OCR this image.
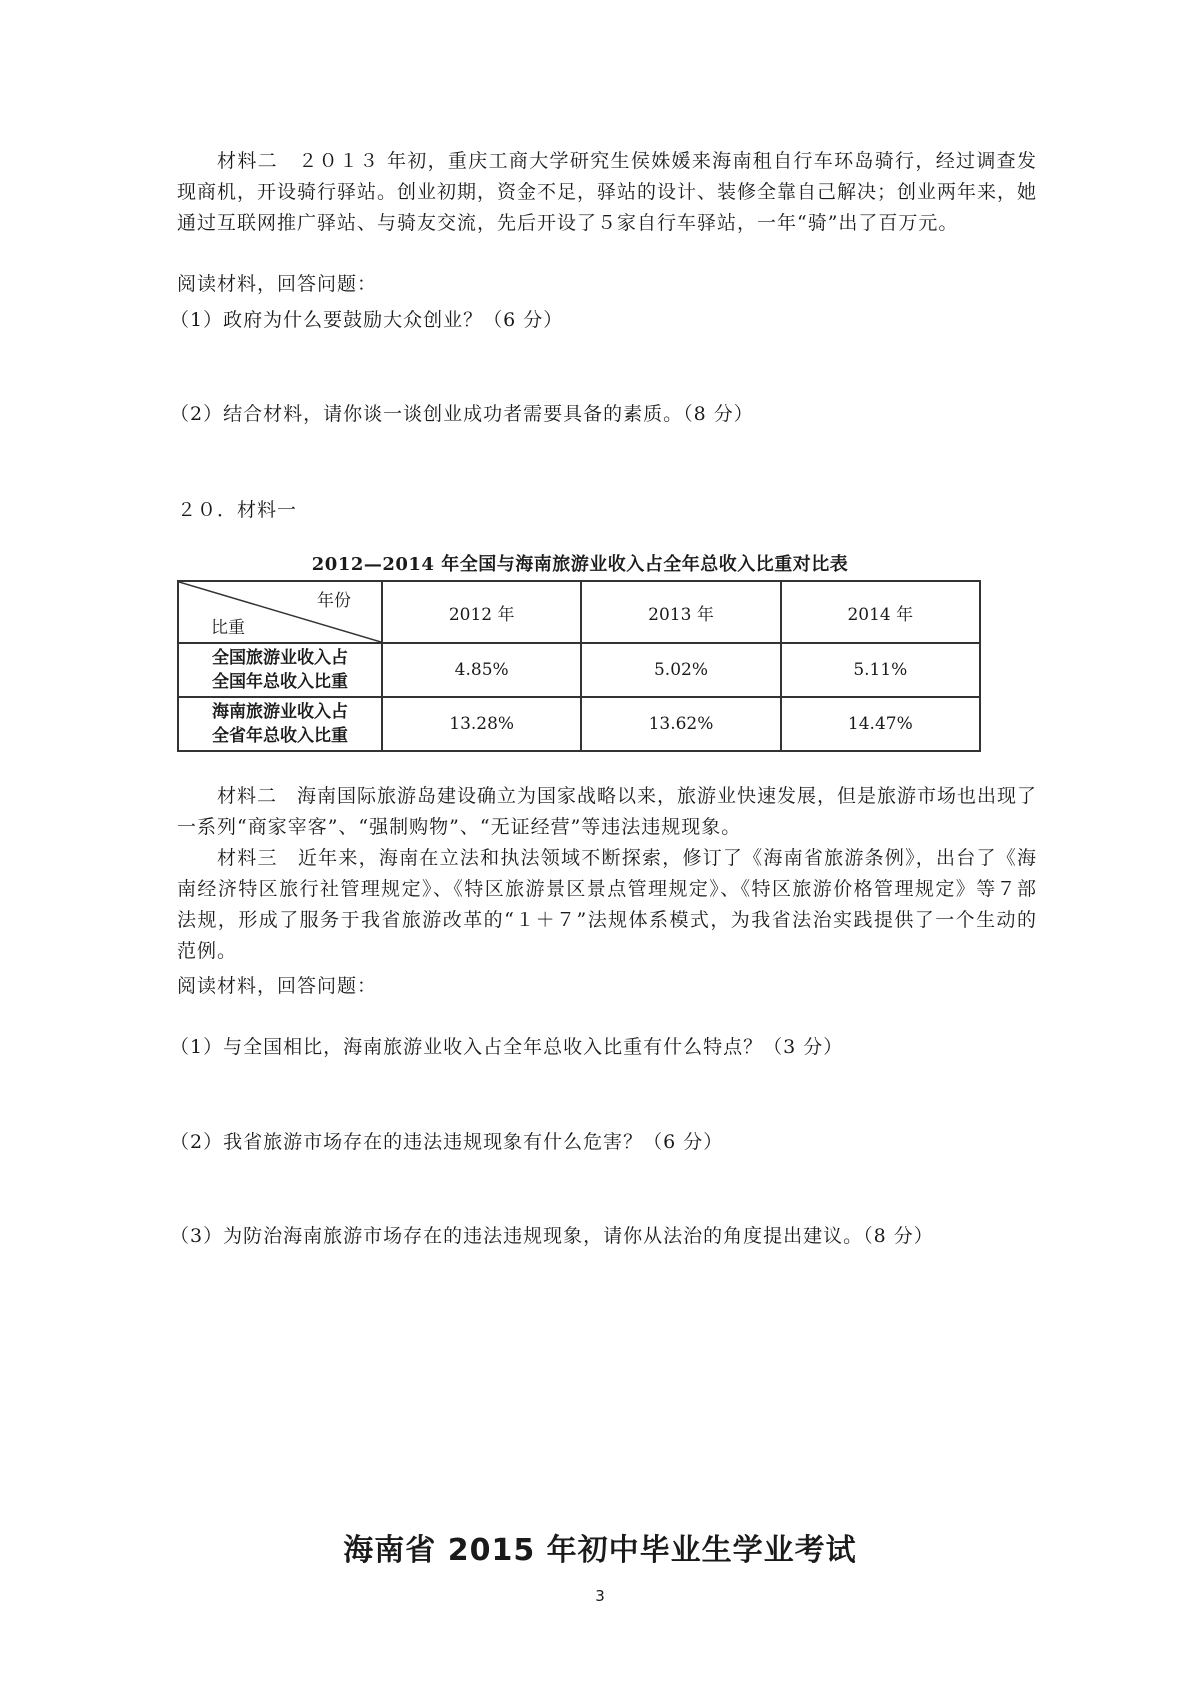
材料二　２０１３ 年初，重庆工商大学研究生侯姝媛来海南租自行车环岛骑行，经过调查发现商机，开设骑行驿站。创业初期，资金不足，驿站的设计、装修全靠自己解决；创业两年来，她通过互联网推广驿站、与骑友交流，先后开设了５家自行车驿站，一年“骑”出了百万元。
阅读材料，回答问题：
（1）政府为什么要鼓励大众创业？（6 分）
（2）结合材料，请你谈一谈创业成功者需要具备的素质。（8 分）
２０．材料一
2012—2014 年全国与海南旅游业收入占全年总收入比重对比表
年份
比重	2012 年	2013 年	2014 年

全国旅游业收入占
全国年总收入比重	4.85%	5.02%	5.11%

海南旅游业收入占
全省年总收入比重	13.28%	13.62%	14.47%
材料二　海南国际旅游岛建设确立为国家战略以来，旅游业快速发展，但是旅游市场也出现了一系列“商家宰客”、“强制购物”、“无证经营”等违法违规现象。
材料三　近年来，海南在立法和执法领域不断探索，修订了《海南省旅游条例》，出台了《海南经济特区旅行社管理规定》、《特区旅游景区景点管理规定》、《特区旅游价格管理规定》等７部法规，形成了服务于我省旅游改革的“１＋７”法规体系模式，为我省法治实践提供了一个生动的范例。
阅读材料，回答问题：
（1）与全国相比，海南旅游业收入占全年总收入比重有什么特点？（3 分）
（2）我省旅游市场存在的违法违规现象有什么危害？（6 分）
（3）为防治海南旅游市场存在的违法违规现象，请你从法治的角度提出建议。（8 分）
海南省 2015 年初中毕业生学业考试
3
